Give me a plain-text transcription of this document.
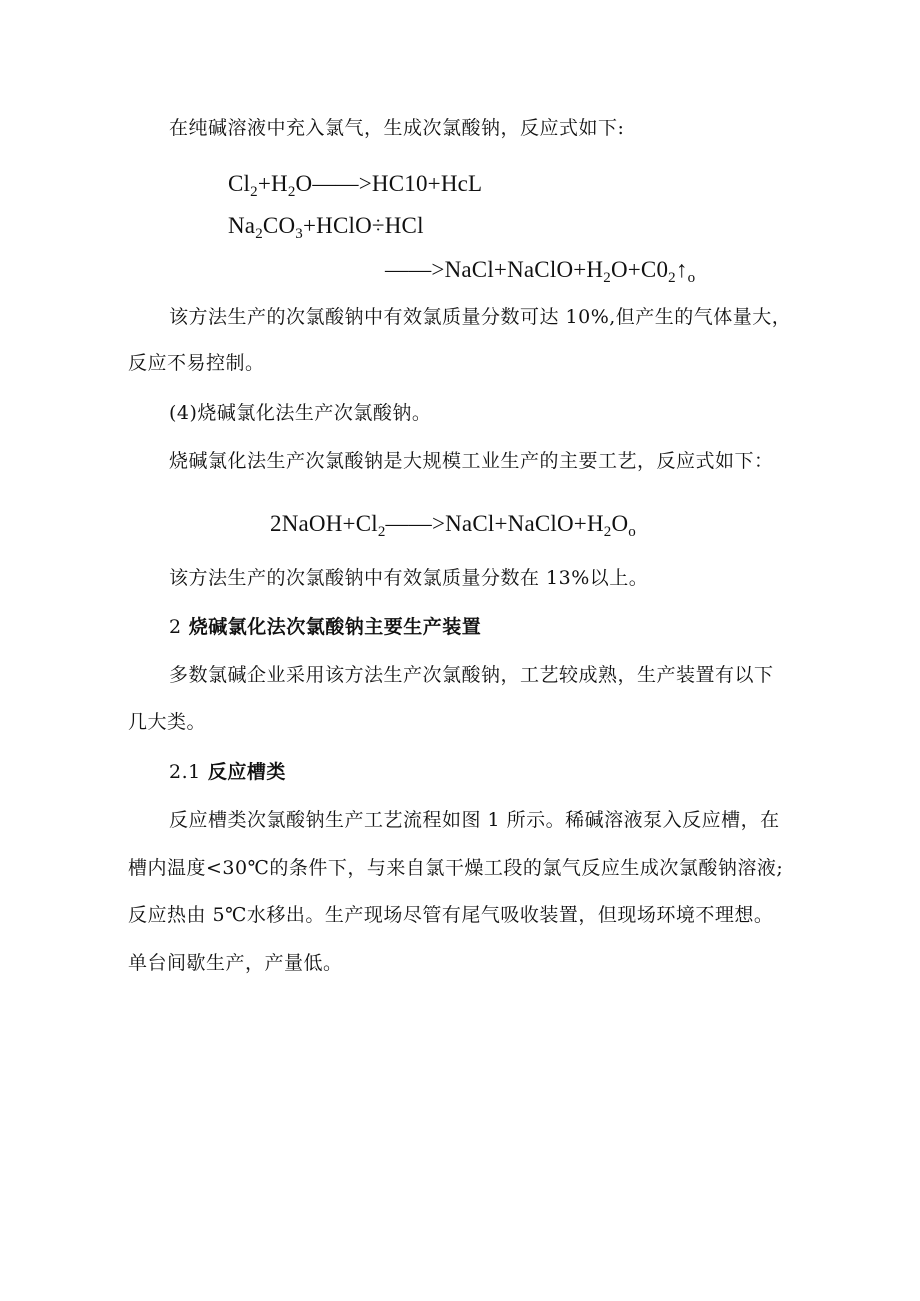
在纯碱溶液中充入氯气，生成次氯酸钠，反应式如下:
$Cl_2+H_2O——>HC10+HcL$
$Na_2CO_3+HClO\div HCl$
$——>NaCl+NaClO+H_2O+C0_2↑_o$
该方法生产的次氯酸钠中有效氯质量分数可达 10%,但产生的气体量大，
反应不易控制。
(4)烧碱氯化法生产次氯酸钠。
烧碱氯化法生产次氯酸钠是大规模工业生产的主要工艺，反应式如下：
$2NaOH+Cl_2——>NaCl+NaClO+H_2O_o$
该方法生产的次氯酸钠中有效氯质量分数在 13%以上。
2 烧碱氯化法次氯酸钠主要生产装置
多数氯碱企业采用该方法生产次氯酸钠，工艺较成熟，生产装置有以下
几大类。
2.1 反应槽类
反应槽类次氯酸钠生产工艺流程如图 1 所示。稀碱溶液泵入反应槽，在
槽内温度<30℃的条件下，与来自氯干燥工段的氯气反应生成次氯酸钠溶液;
反应热由 5℃水移出。生产现场尽管有尾气吸收装置，但现场环境不理想。
单台间歇生产，产量低。
